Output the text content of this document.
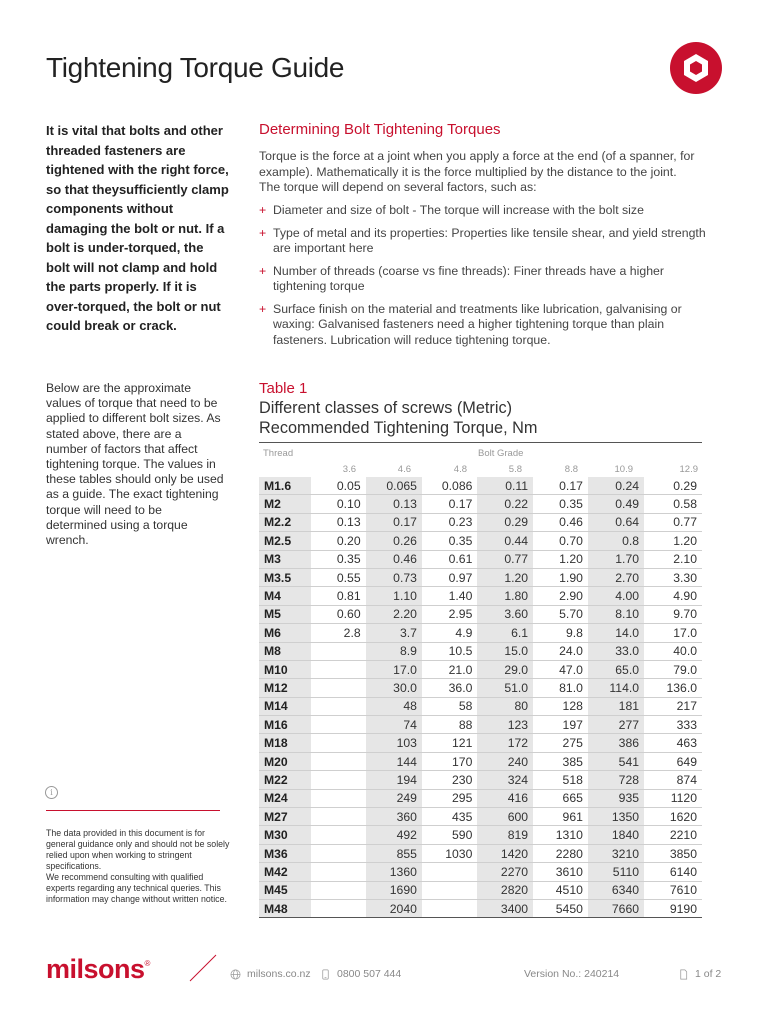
Tightening Torque Guide
It is vital that bolts and other threaded fasteners are tightened with the right force, so that theysufficiently clamp components without damaging the bolt or nut. If a bolt is under-torqued, the bolt will not clamp and hold the parts properly. If it is over-torqued, the bolt or nut could break or crack.
Below are the approximate values of torque that need to be applied to different bolt sizes. As stated above, there are a number of factors that affect tightening torque. The values in these tables should only be used as a guide. The exact tightening torque will need to be determined using a torque wrench.
i
The data provided in this document is for general guidance only and should not be solely relied upon when working to stringent specifications.
We recommend consulting with qualified experts regarding any technical queries. This information may change without written notice.
Determining Bolt Tightening Torques
Torque is the force at a joint when you apply a force at the end (of a spanner, for example). Mathematically it is the force multiplied by the distance to the joint. The torque will depend on several factors, such as:
+ Diameter and size of bolt - The torque will increase with the bolt size
+ Type of metal and its properties: Properties like tensile shear, and yield strength are important here
+ Number of threads (coarse vs fine threads): Finer threads have a higher tightening torque
+ Surface finish on the material and treatments like lubrication, galvanising or waxing: Galvanised fasteners need a higher tightening torque than plain fasteners. Lubrication will reduce tightening torque.
Table 1
Different classes of screws (Metric)
Recommended Tightening Torque, Nm
Thread	Bolt Grade
3.6	4.6	4.8	5.8	8.8	10.9	12.9
M1.6	0.05	0.065	0.086	0.11	0.17	0.24	0.29
M2	0.10	0.13	0.17	0.22	0.35	0.49	0.58
M2.2	0.13	0.17	0.23	0.29	0.46	0.64	0.77
M2.5	0.20	0.26	0.35	0.44	0.70	0.8	1.20
M3	0.35	0.46	0.61	0.77	1.20	1.70	2.10
M3.5	0.55	0.73	0.97	1.20	1.90	2.70	3.30
M4	0.81	1.10	1.40	1.80	2.90	4.00	4.90
M5	0.60	2.20	2.95	3.60	5.70	8.10	9.70
M6	2.8	3.7	4.9	6.1	9.8	14.0	17.0
M8		8.9	10.5	15.0	24.0	33.0	40.0
M10		17.0	21.0	29.0	47.0	65.0	79.0
M12		30.0	36.0	51.0	81.0	114.0	136.0
M14		48	58	80	128	181	217
M16		74	88	123	197	277	333
M18		103	121	172	275	386	463
M20		144	170	240	385	541	649
M22		194	230	324	518	728	874
M24		249	295	416	665	935	1120
M27		360	435	600	961	1350	1620
M30		492	590	819	1310	1840	2210
M36		855	1030	1420	2280	3210	3850
M42		1360		2270	3610	5110	6140
M45		1690		2820	4510	6340	7610
M48		2040		3400	5450	7660	9190
milsons®
milsons.co.nz	0800 507 444	Version No.: 240214	1 of 2
